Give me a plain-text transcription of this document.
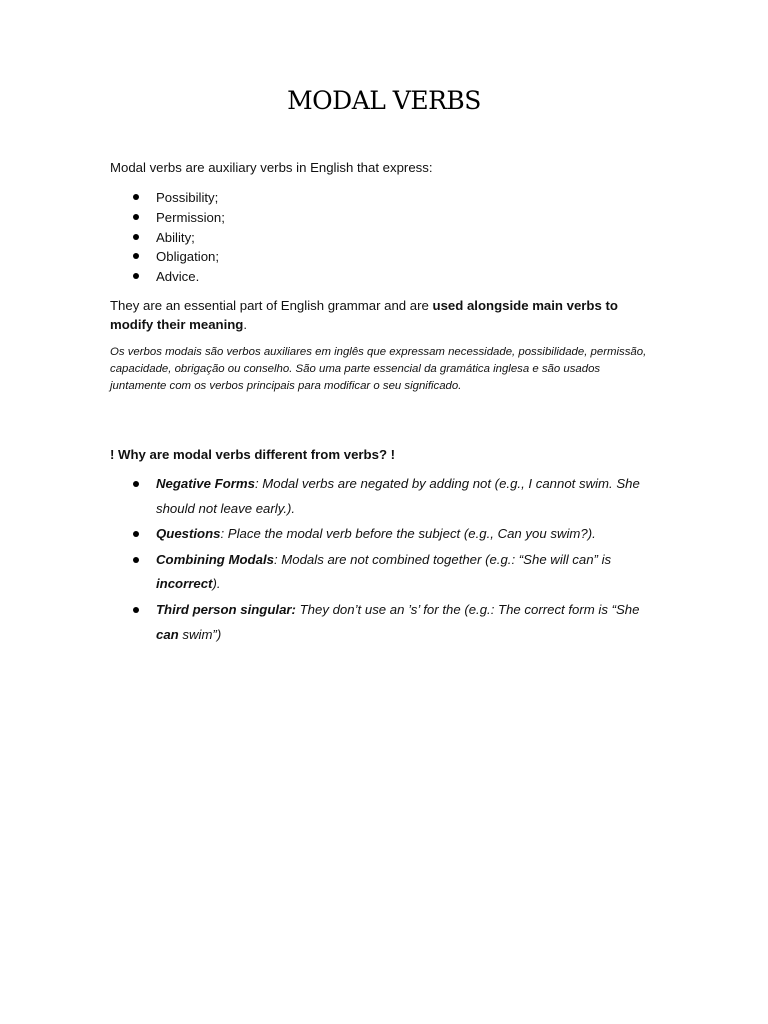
MODAL VERBS

Modal verbs are auxiliary verbs in English that express:

Possibility;
Permission;
Ability;
Obligation;
Advice.

They are an essential part of English grammar and are used alongside main verbs to modify their meaning.

Os verbos modais são verbos auxiliares em inglês que expressam necessidade, possibilidade, permissão, capacidade, obrigação ou conselho. São uma parte essencial da gramática inglesa e são usados juntamente com os verbos principais para modificar o seu significado.

! Why are modal verbs different from verbs? !

Negative Forms: Modal verbs are negated by adding not (e.g., I cannot swim. She should not leave early.).
Questions: Place the modal verb before the subject (e.g., Can you swim?).
Combining Modals: Modals are not combined together (e.g.: “She will can” is incorrect).
Third person singular: They don’t use an ’s’ for the (e.g.: The correct form is “She can swim”)
